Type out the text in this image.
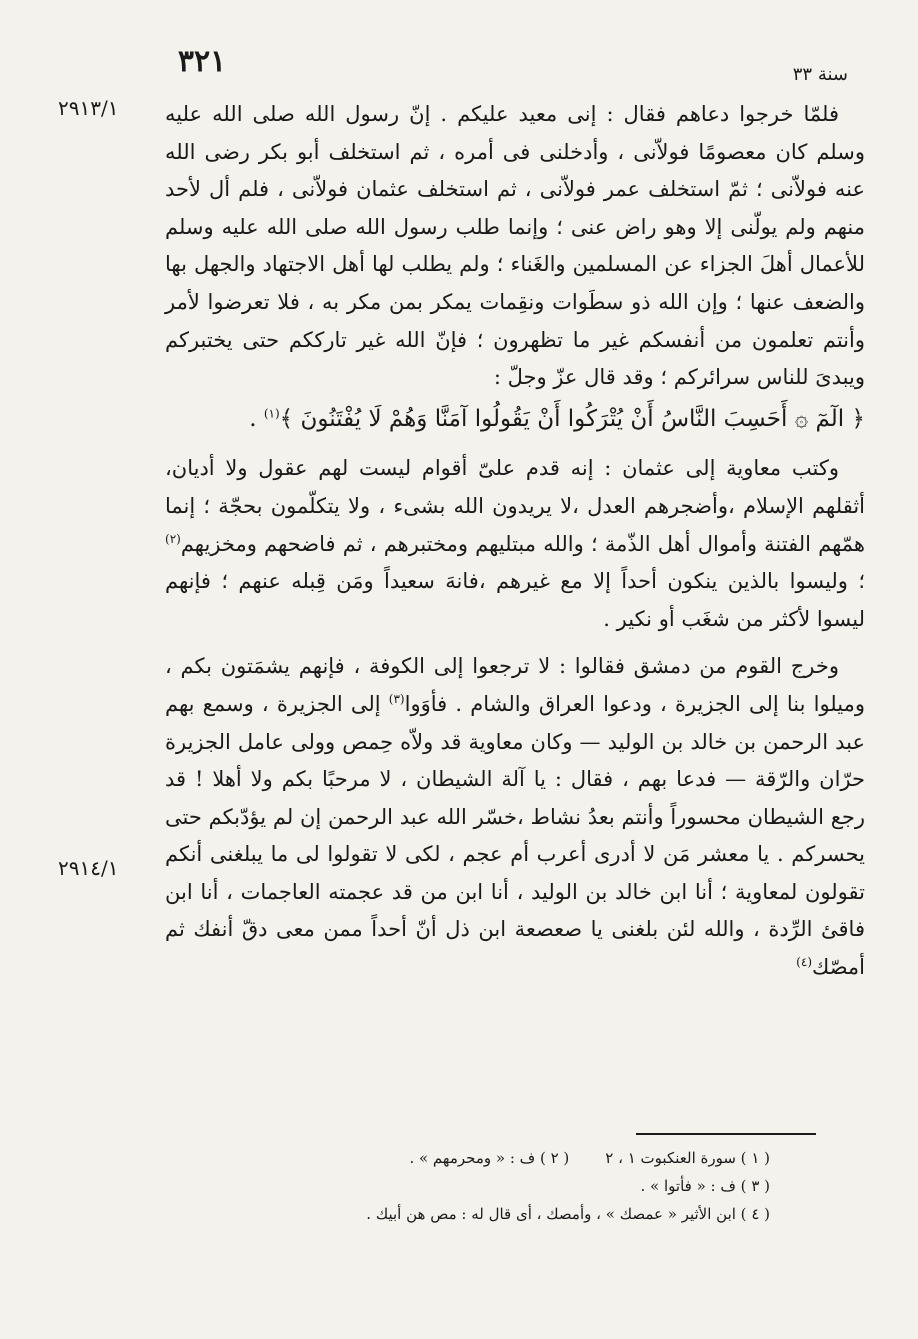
٣٢١	سنة ٣٣
٢٩١٣/١
٢٩١٤/١

فلمّا خرجوا دعاهم فقال : إنى معيد عليكم . إنّ رسول الله صلى الله عليه وسلم كان معصومًا فولاّنى ، وأدخلنى فى أمره ، ثم استخلف أبو بكر رضى الله عنه فولاّنى ؛ ثمّ استخلف عمر فولاّنى ، ثم استخلف عثمان فولاّنى ، فلم أل لأحد منهم ولم يولّنى إلا وهو راض عنى ؛ وإنما طلب رسول الله صلى الله عليه وسلم للأعمال أهلَ الجزاء عن المسلمين والغَناء ؛ ولم يطلب لها أهل الاجتهاد والجهل بها والضعف عنها ؛ وإن الله ذو سطَوات ونقِمات يمكر بمن مكر به ، فلا تعرضوا لأمر وأنتم تعلمون من أنفسكم غير ما تظهرون ؛ فإنّ الله غير تارككم حتى يختبركم ويبدىَ للناس سرائركم ؛ وقد قال عزّ وجلّ :

﴿ الٓمٓ ۞ أَحَسِبَ النَّاسُ أَنْ يُتْرَكُوا أَنْ يَقُولُوا آمَنَّا وَهُمْ لَا يُفْتَنُونَ ﴾$^{(١)}$ .

وكتب معاوية إلى عثمان : إنه قدم علىّ أقوام ليست لهم عقول ولا أديان، أثقلهم الإسلام ،وأضجرهم العدل ،لا يريدون الله بشىء ، ولا يتكلّمون بحجّة ؛ إنما همّهم الفتنة وأموال أهل الذّمة ؛ والله مبتليهم ومختبرهم ، ثم فاضحهم ومخزيهم$^{(٢)}$ ؛ وليسوا بالذين ينكون أحداً إلا مع غيرهم ،فانهَ سعيداً ومَن قِبله عنهم ؛ فإنهم ليسوا لأكثر من شغَب أو نكير .

وخرج القوم من دمشق فقالوا : لا ترجعوا إلى الكوفة ، فإنهم يشمَتون بكم ، وميلوا بنا إلى الجزيرة ، ودعوا العراق والشام . فأوَوا$^{(٣)}$ إلى الجزيرة ، وسمع بهم عبد الرحمن بن خالد بن الوليد — وكان معاوية قد ولاّه حِمص وولى عامل الجزيرة حرّان والرّقة — فدعا بهم ، فقال : يا آلة الشيطان ، لا مرحبًا بكم ولا أهلا ! قد رجع الشيطان محسوراً وأنتم بعدُ نشاط ،خسّر الله عبد الرحمن إن لم يؤدّبكم حتى يحسركم . يا معشر مَن لا أدرى أعرب أم عجم ، لكى لا تقولوا لى ما يبلغنى أنكم تقولون لمعاوية ؛ أنا ابن خالد بن الوليد ، أنا ابن من قد عجمته العاجمات ، أنا ابن فاقئ الرِّدة ، والله لئن بلغنى يا صعصعة ابن ذل أنّ أحداً ممن معى دقّ أنفك ثم أمصّك$^{(٤)}$

( ١ ) سورة العنكبوت ١ ، ٢( ٢ ) ف : « ومحرمهم » .
( ٣ ) ف : « فأتوا » .
( ٤ ) ابن الأثير « عمصك » ، وأمصك ، أى قال له : مص هن أبيك .
